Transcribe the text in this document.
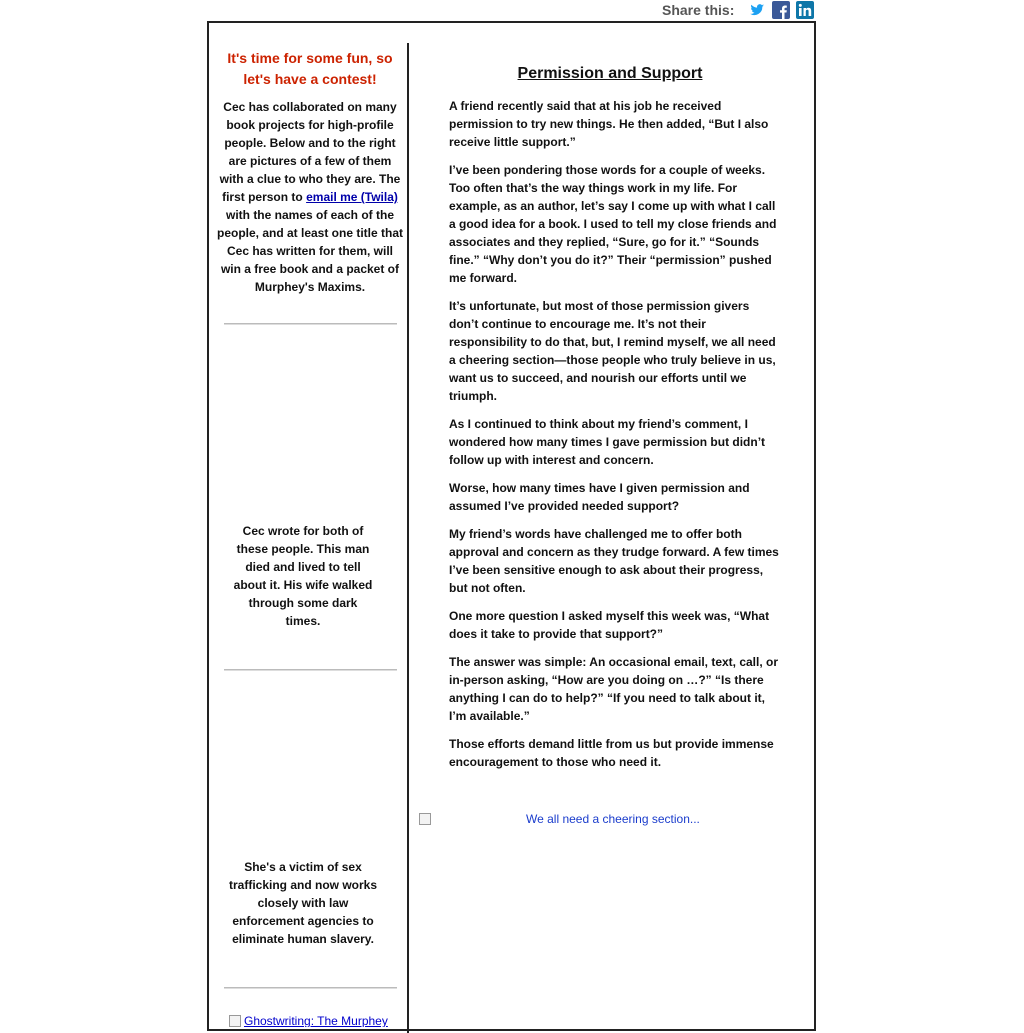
Share this:

It's time for some fun, so let's have a contest!

Cec has collaborated on many book projects for high-profile people. Below and to the right are pictures of a few of them with a clue to who they are. The first person to email me (Twila) with the names of each of the people, and at least one title that Cec has written for them, will win a free book and a packet of Murphey's Maxims.

Cec wrote for both of these people. This man died and lived to tell about it. His wife walked through some dark times.
She's a victim of sex trafficking and now works closely with law enforcement agencies to eliminate human slavery.
Ghostwriting: The Murphey
Permission and Support

A friend recently said that at his job he received permission to try new things. He then added, “But I also receive little support.”

I’ve been pondering those words for a couple of weeks. Too often that’s the way things work in my life. For example, as an author, let’s say I come up with what I call a good idea for a book. I used to tell my close friends and associates and they replied, “Sure, go for it.” “Sounds fine.” “Why don’t you do it?” Their “permission” pushed me forward.

It’s unfortunate, but most of those permission givers don’t continue to encourage me. It’s not their responsibility to do that, but, I remind myself, we all need a cheering section—those people who truly believe in us, want us to succeed, and nourish our efforts until we triumph.

As I continued to think about my friend’s comment, I wondered how many times I gave permission but didn’t follow up with interest and concern.

Worse, how many times have I given permission and assumed I’ve provided needed support?

My friend’s words have challenged me to offer both approval and concern as they trudge forward. A few times I’ve been sensitive enough to ask about their progress, but not often.

One more question I asked myself this week was, “What does it take to provide that support?”

The answer was simple: An occasional email, text, call, or in-person asking, “How are you doing on …?” “Is there anything I can do to help?” “If you need to talk about it, I’m available.”

Those efforts demand little from us but provide immense encouragement to those who need it.

We all need a cheering section...
